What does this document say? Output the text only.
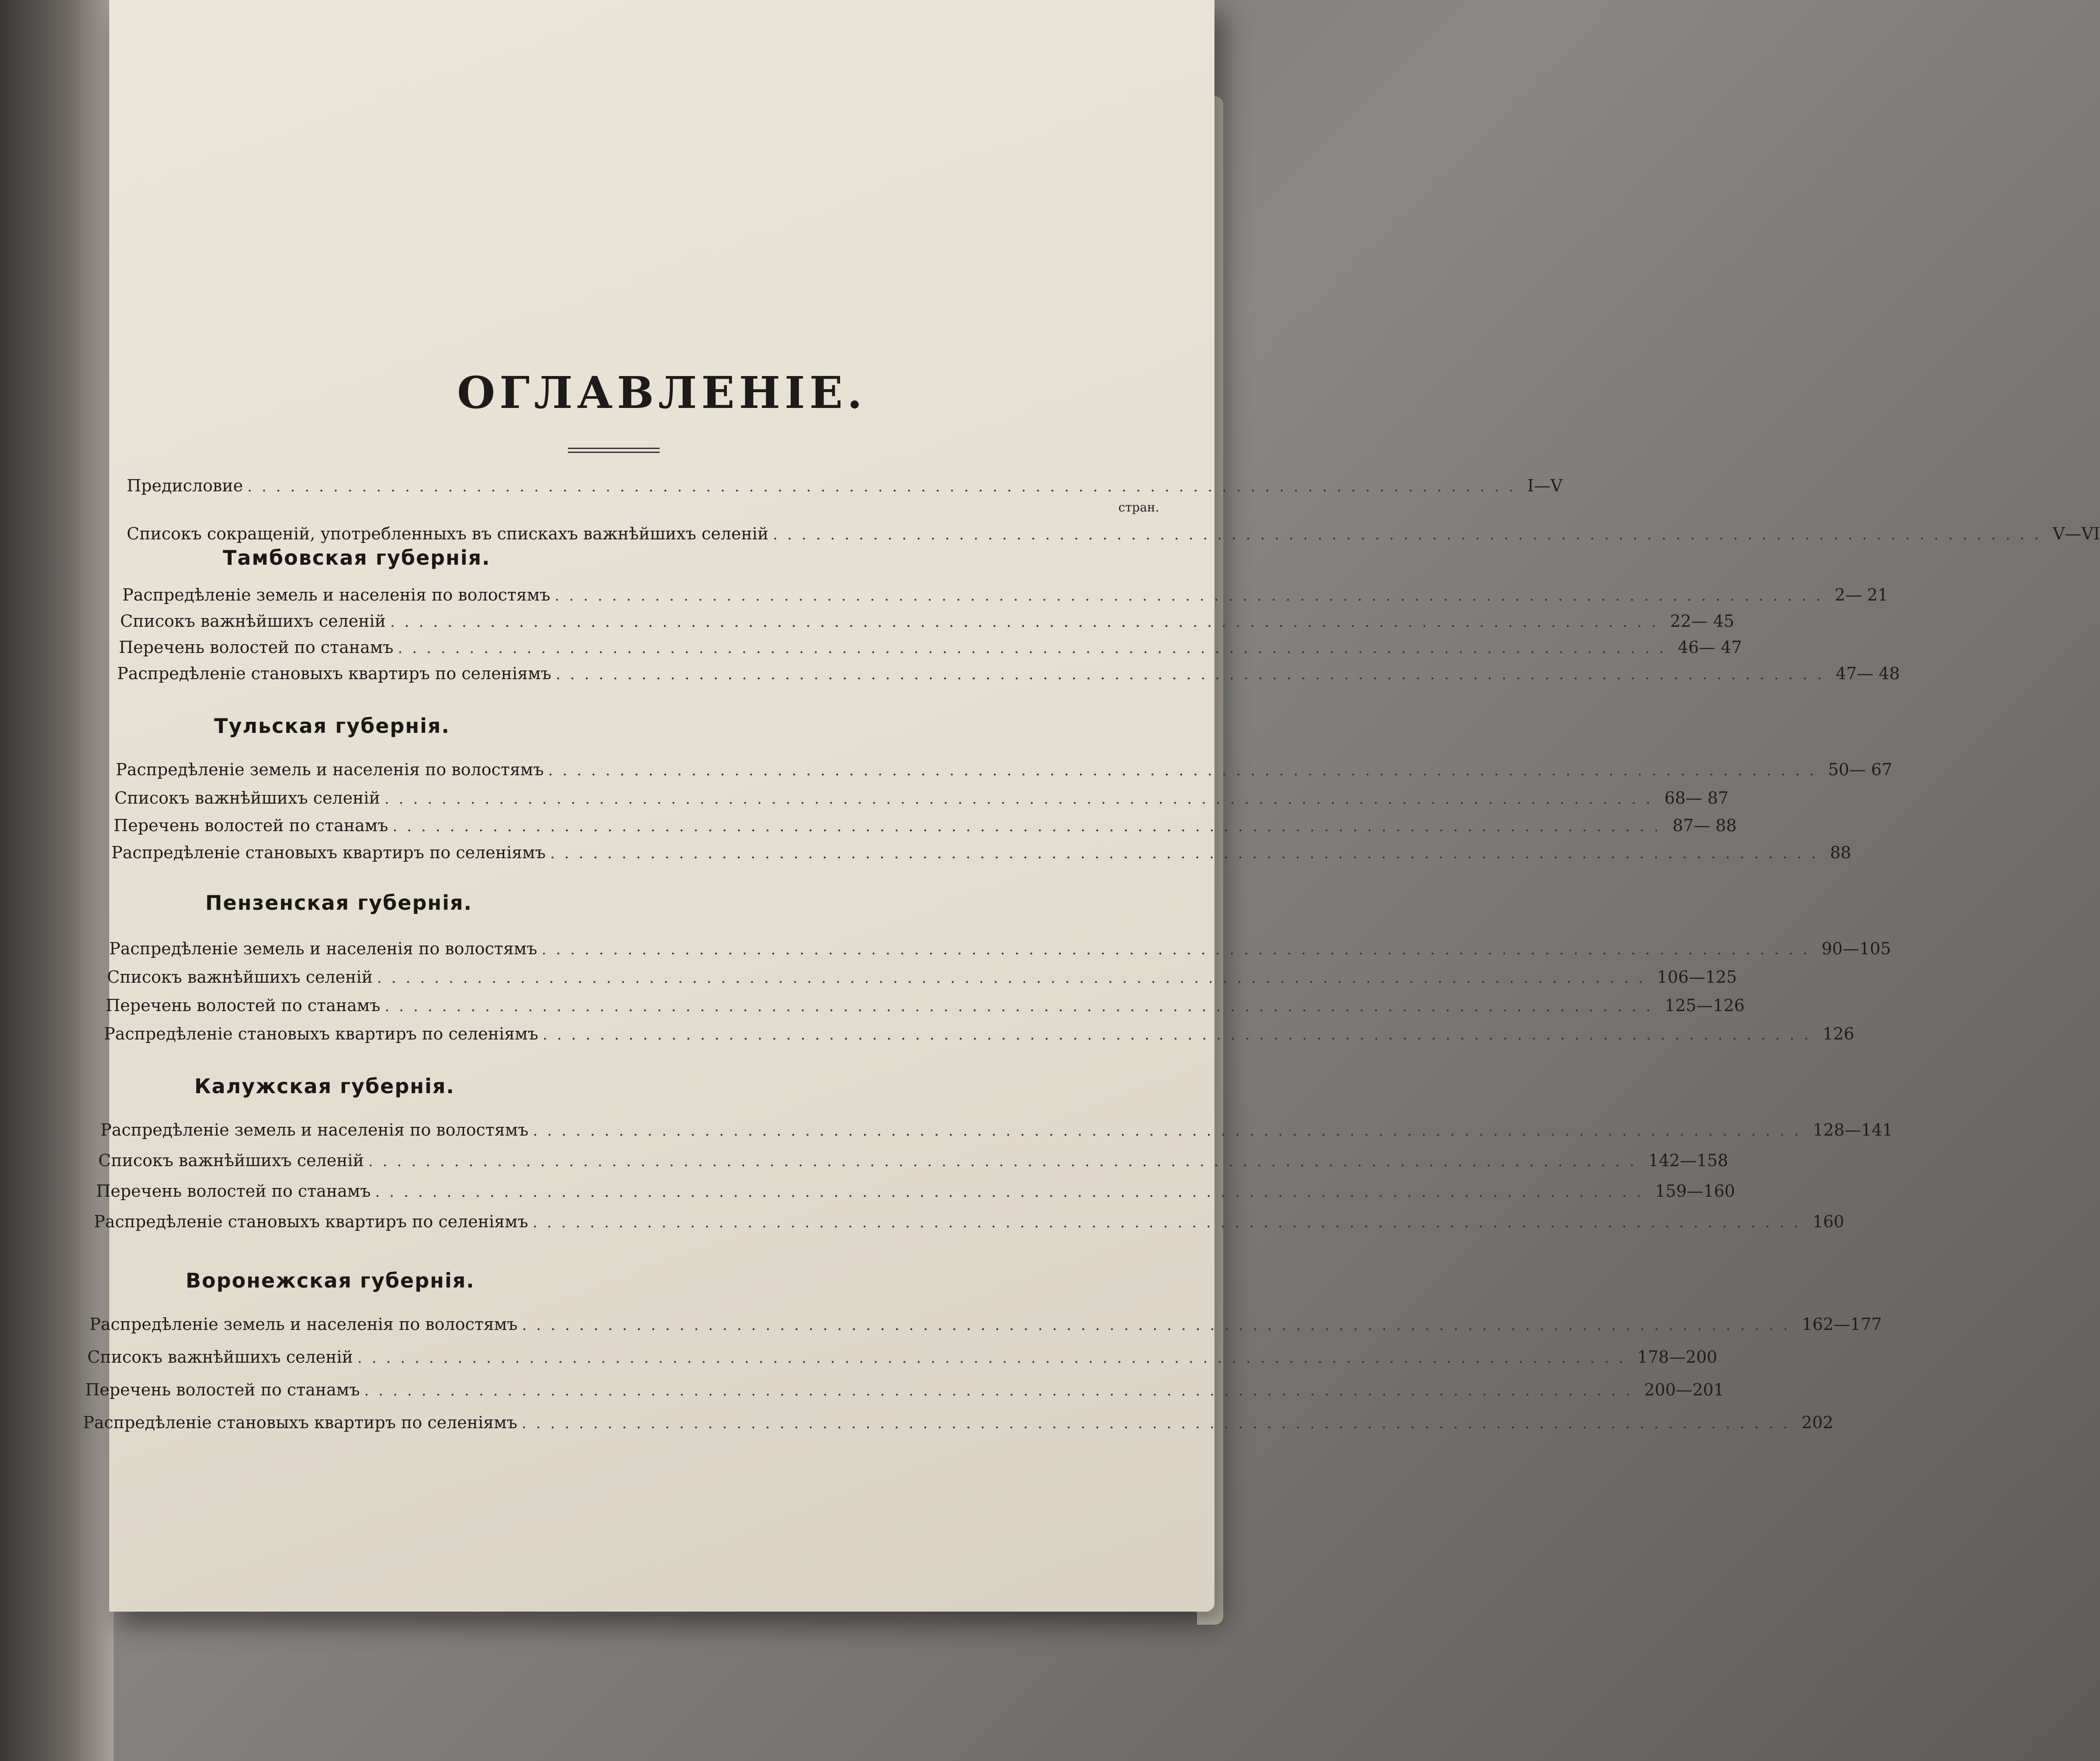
ОГЛАВЛЕНIЕ.
стран.
Предисловие ......................................................................................... I—V
Списокъ сокращенiй, употребленныхъ въ спискахъ важнѣйшихъ селенiй ......................................................................................... V—VI
Тамбовская губернiя.
Распредѣленiе земель и населенiя по волостямъ ......................................................................................... 2— 21
Списокъ важнѣйшихъ селенiй ......................................................................................... 22— 45
Перечень волостей по станамъ ......................................................................................... 46— 47
Распредѣленiе становыхъ квартиръ по селенiямъ ......................................................................................... 47— 48
Тульская губернiя.
Распредѣленiе земель и населенiя по волостямъ ......................................................................................... 50— 67
Списокъ важнѣйшихъ селенiй ......................................................................................... 68— 87
Перечень волостей по станамъ ......................................................................................... 87— 88
Распредѣленiе становыхъ квартиръ по селенiямъ ......................................................................................... 88
Пензенская губернiя.
Распредѣленiе земель и населенiя по волостямъ ......................................................................................... 90—105
Списокъ важнѣйшихъ селенiй ......................................................................................... 106—125
Перечень волостей по станамъ ......................................................................................... 125—126
Распредѣленiе становыхъ квартиръ по селенiямъ ......................................................................................... 126
Калужская губернiя.
Распредѣленiе земель и населенiя по волостямъ ......................................................................................... 128—141
Списокъ важнѣйшихъ селенiй ......................................................................................... 142—158
Перечень волостей по станамъ ......................................................................................... 159—160
Распредѣленiе становыхъ квартиръ по селенiямъ ......................................................................................... 160
Воронежская губернiя.
Распредѣленiе земель и населенiя по волостямъ ......................................................................................... 162—177
Списокъ важнѣйшихъ селенiй ......................................................................................... 178—200
Перечень волостей по станамъ ......................................................................................... 200—201
Распредѣленiе становыхъ квартиръ по селенiямъ ......................................................................................... 202
